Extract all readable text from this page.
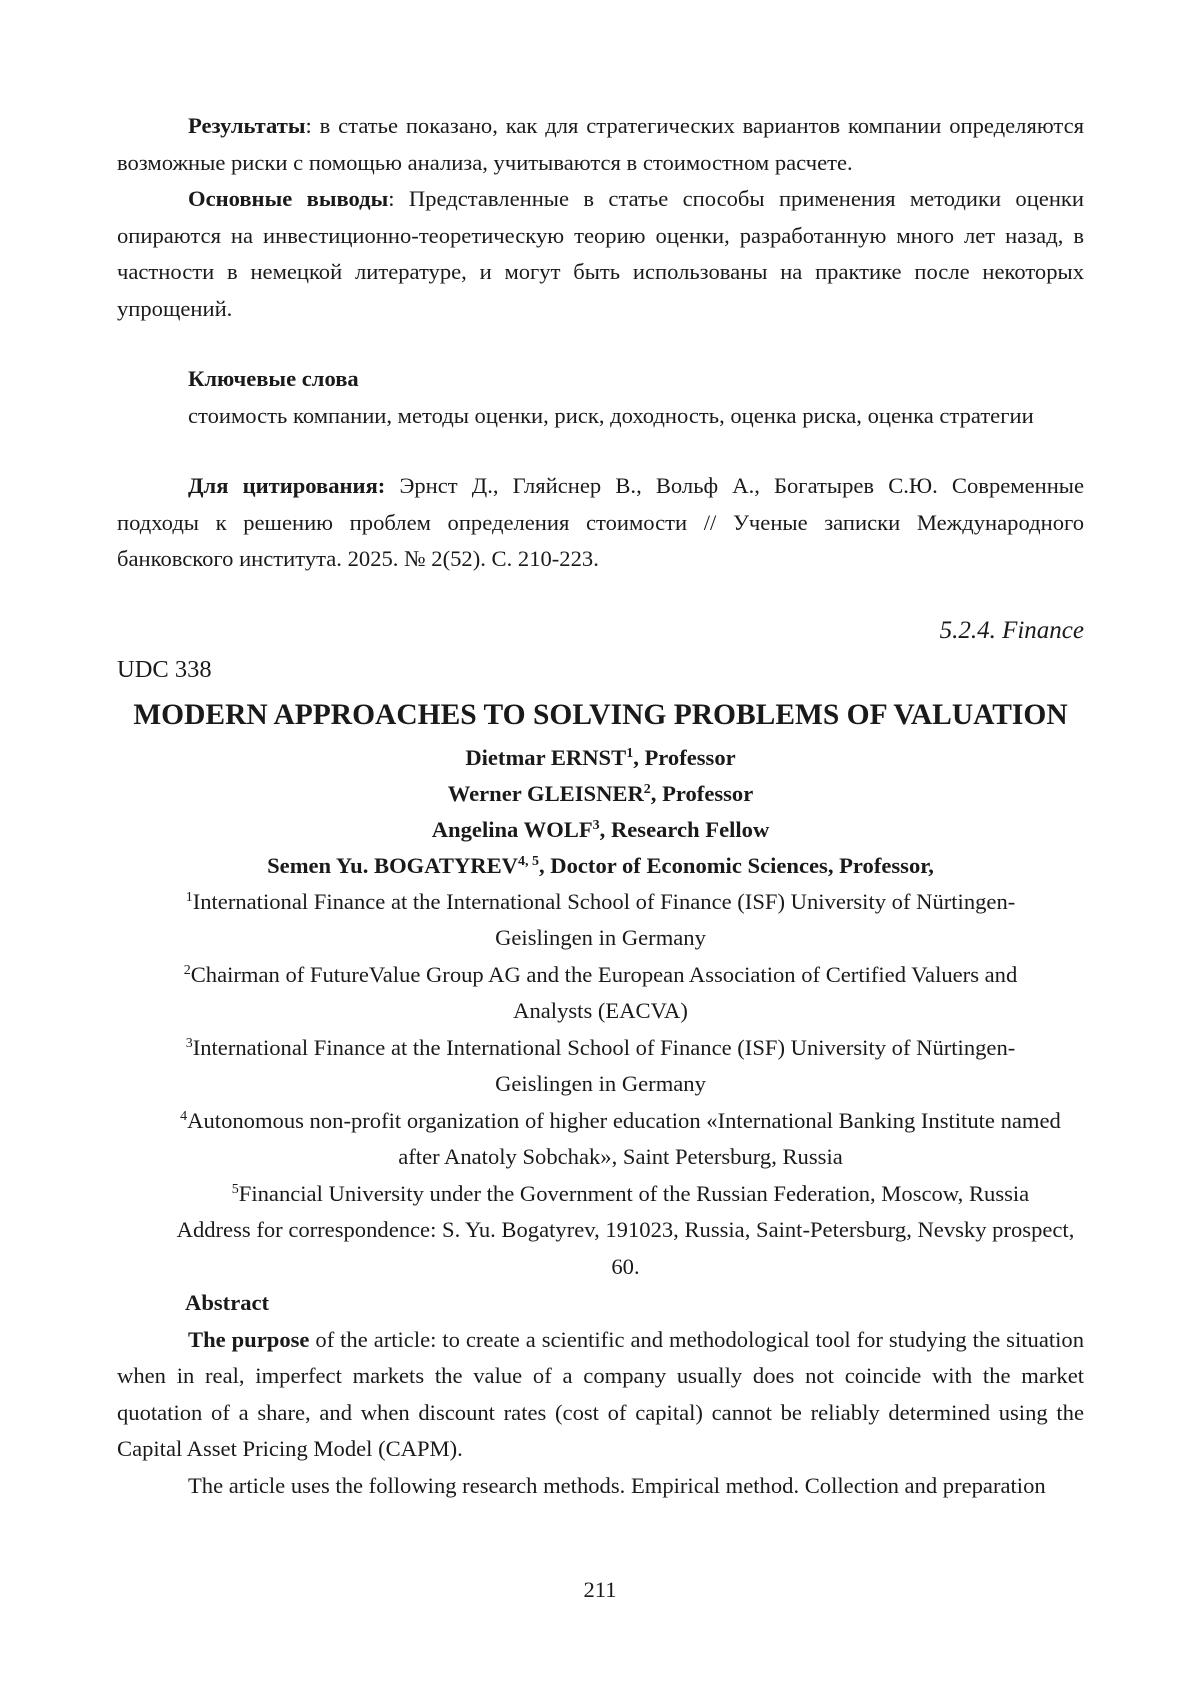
Результаты: в статье показано, как для стратегических вариантов компании определяются возможные риски с помощью анализа, учитываются в стоимостном расчете.

Основные выводы: Представленные в статье способы применения методики оценки опираются на инвестиционно-теоретическую теорию оценки, разработанную много лет назад, в частности в немецкой литературе, и могут быть использованы на практике после некоторых упрощений.

Ключевые слова

стоимость компании, методы оценки, риск, доходность, оценка риска, оценка стратегии

Для цитирования: Эрнст Д., Гляйснер В., Вольф А., Богатырев С.Ю. Современные подходы к решению проблем определения стоимости // Ученые записки Международного банковского института. 2025. № 2(52). С. 210-223.

5.2.4. Finance

UDC 338

MODERN APPROACHES TO SOLVING PROBLEMS OF VALUATION

Dietmar ERNST$^1$, Professor

Werner GLEISNER$^2$, Professor

Angelina WOLF$^3$, Research Fellow

Semen Yu. BOGATYREV$^{4, 5}$, Doctor of Economic Sciences, Professor,

$^1$International Finance at the International School of Finance (ISF) University of Nürtingen-Geislingen in Germany

$^2$Chairman of FutureValue Group AG and the European Association of Certified Valuers and Analysts (EACVA)

$^3$International Finance at the International School of Finance (ISF) University of Nürtingen-Geislingen in Germany

$^4$Autonomous non-profit organization of higher education «International Banking Institute named after Anatoly Sobchak», Saint Petersburg, Russia

$^5$Financial University under the Government of the Russian Federation, Moscow, Russia

Address for correspondence: S. Yu. Bogatyrev, 191023, Russia, Saint-Petersburg, Nevsky prospect, 60.

Abstract

The purpose of the article: to create a scientific and methodological tool for studying the situation when in real, imperfect markets the value of a company usually does not coincide with the market quotation of a share, and when discount rates (cost of capital) cannot be reliably determined using the Capital Asset Pricing Model (CAPM).

The article uses the following research methods. Empirical method. Collection and preparation

211
